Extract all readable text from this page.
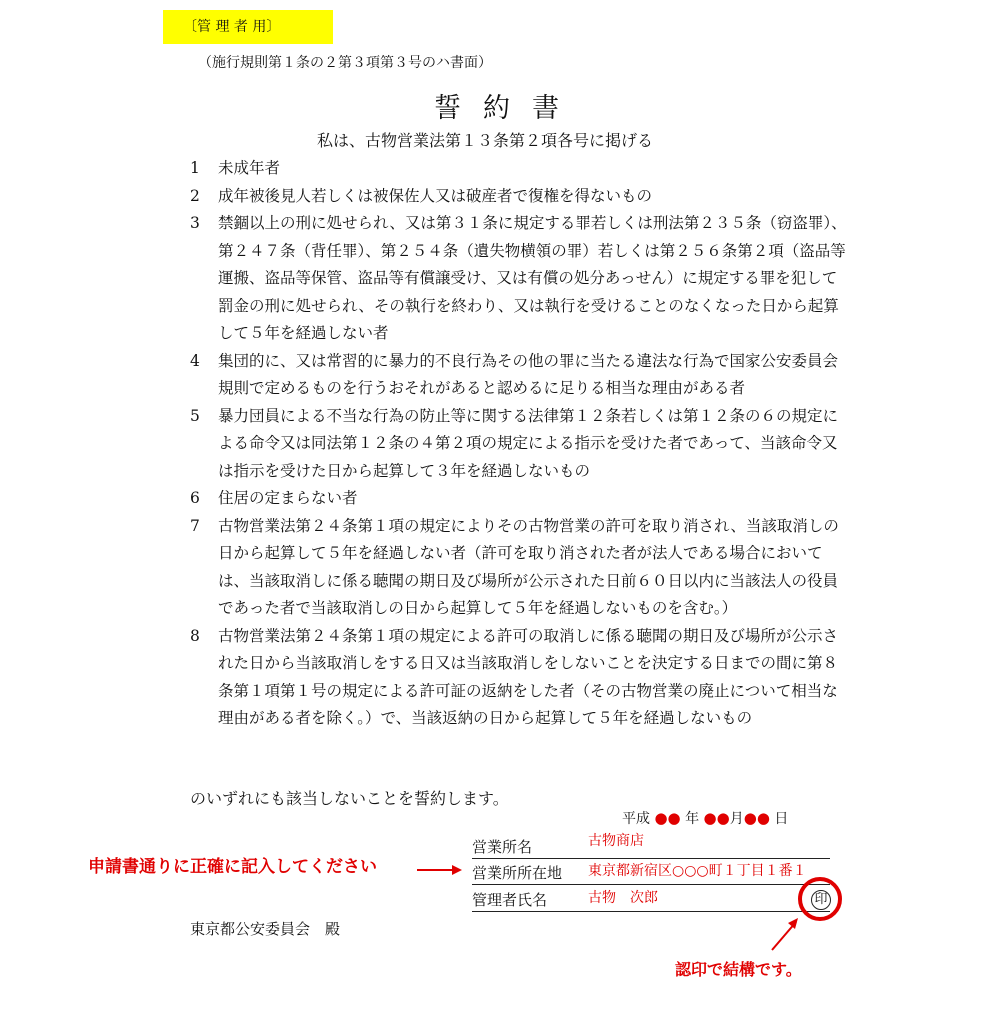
〔管 理 者 用〕
（施行規則第１条の２第３項第３号のハ書面）
誓約書
私は、古物営業法第１３条第２項各号に掲げる
1	未成年者
2	成年被後見人若しくは被保佐人又は破産者で復権を得ないもの
3	禁錮以上の刑に処せられ、又は第３１条に規定する罪若しくは刑法第２３５条（窃盗罪）、第２４７条（背任罪）、第２５４条（遺失物横領の罪）若しくは第２５６条第２項（盗品等運搬、盗品等保管、盗品等有償譲受け、又は有償の処分あっせん）に規定する罪を犯して罰金の刑に処せられ、その執行を終わり、又は執行を受けることのなくなった日から起算して５年を経過しない者
4	集団的に、又は常習的に暴力的不良行為その他の罪に当たる違法な行為で国家公安委員会規則で定めるものを行うおそれがあると認めるに足りる相当な理由がある者
5	暴力団員による不当な行為の防止等に関する法律第１２条若しくは第１２条の６の規定による命令又は同法第１２条の４第２項の規定による指示を受けた者であって、当該命令又は指示を受けた日から起算して３年を経過しないもの
6	住居の定まらない者
7	古物営業法第２４条第１項の規定によりその古物営業の許可を取り消され、当該取消しの日から起算して５年を経過しない者（許可を取り消された者が法人である場合においては、当該取消しに係る聴聞の期日及び場所が公示された日前６０日以内に当該法人の役員であった者で当該取消しの日から起算して５年を経過しないものを含む。）
8	古物営業法第２４条第１項の規定による許可の取消しに係る聴聞の期日及び場所が公示された日から当該取消しをする日又は当該取消しをしないことを決定する日までの間に第８条第１項第１号の規定による許可証の返納をした者（その古物営業の廃止について相当な理由がある者を除く。）で、当該返納の日から起算して５年を経過しないもの
のいずれにも該当しないことを誓約します。
平成 ●● 年 ●●月●● 日
営業所名	古物商店
営業所所在地 東京都新宿区○○○町１丁目１番１
管理者氏名	古物　次郎	印
東京都公安委員会　殿
申請書通りに正確に記入してください
認印で結構です。
